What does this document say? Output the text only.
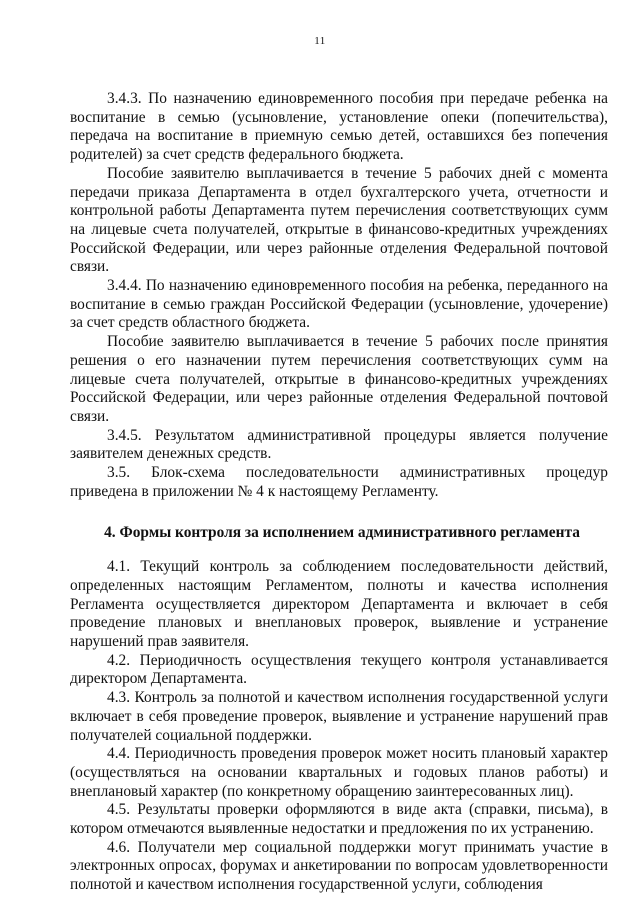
11

3.4.3. По назначению единовременного пособия при передаче ребенка на воспитание в семью (усыновление, установление опеки (попечительства), передача на воспитание в приемную семью детей, оставшихся без попечения родителей) за счет средств федерального бюджета.

Пособие заявителю выплачивается в течение 5 рабочих дней с момента передачи приказа Департамента в отдел бухгалтерского учета, отчетности и контрольной работы Департамента путем перечисления соответствующих сумм на лицевые счета получателей, открытые в финансово-кредитных учреждениях Российской Федерации, или через районные отделения Федеральной почтовой связи.

3.4.4. По назначению единовременного пособия на ребенка, переданного на воспитание в семью граждан Российской Федерации (усыновление, удочерение) за счет средств областного бюджета.

Пособие заявителю выплачивается в течение 5 рабочих после принятия решения о его назначении путем перечисления соответствующих сумм на лицевые счета получателей, открытые в финансово-кредитных учреждениях Российской Федерации, или через районные отделения Федеральной почтовой связи.

3.4.5. Результатом административной процедуры является получение заявителем денежных средств.

3.5. Блок-схема последовательности административных процедур приведена в приложении № 4 к настоящему Регламенту.

4. Формы контроля за исполнением административного регламента

4.1. Текущий контроль за соблюдением последовательности действий, определенных настоящим Регламентом, полноты и качества исполнения Регламента осуществляется директором Департамента и включает в себя проведение плановых и внеплановых проверок, выявление и устранение нарушений прав заявителя.

4.2. Периодичность осуществления текущего контроля устанавливается директором Департамента.

4.3. Контроль за полнотой и качеством исполнения государственной услуги включает в себя проведение проверок, выявление и устранение нарушений прав получателей социальной поддержки.

4.4. Периодичность проведения проверок может носить плановый характер (осуществляться на основании квартальных и годовых планов работы) и внеплановый характер (по конкретному обращению заинтересованных лиц).

4.5. Результаты проверки оформляются в виде акта (справки, письма), в котором отмечаются выявленные недостатки и предложения по их устранению.

4.6. Получатели мер социальной поддержки могут принимать участие в электронных опросах, форумах и анкетировании по вопросам удовлетворенности полнотой и качеством исполнения государственной услуги, соблюдения
